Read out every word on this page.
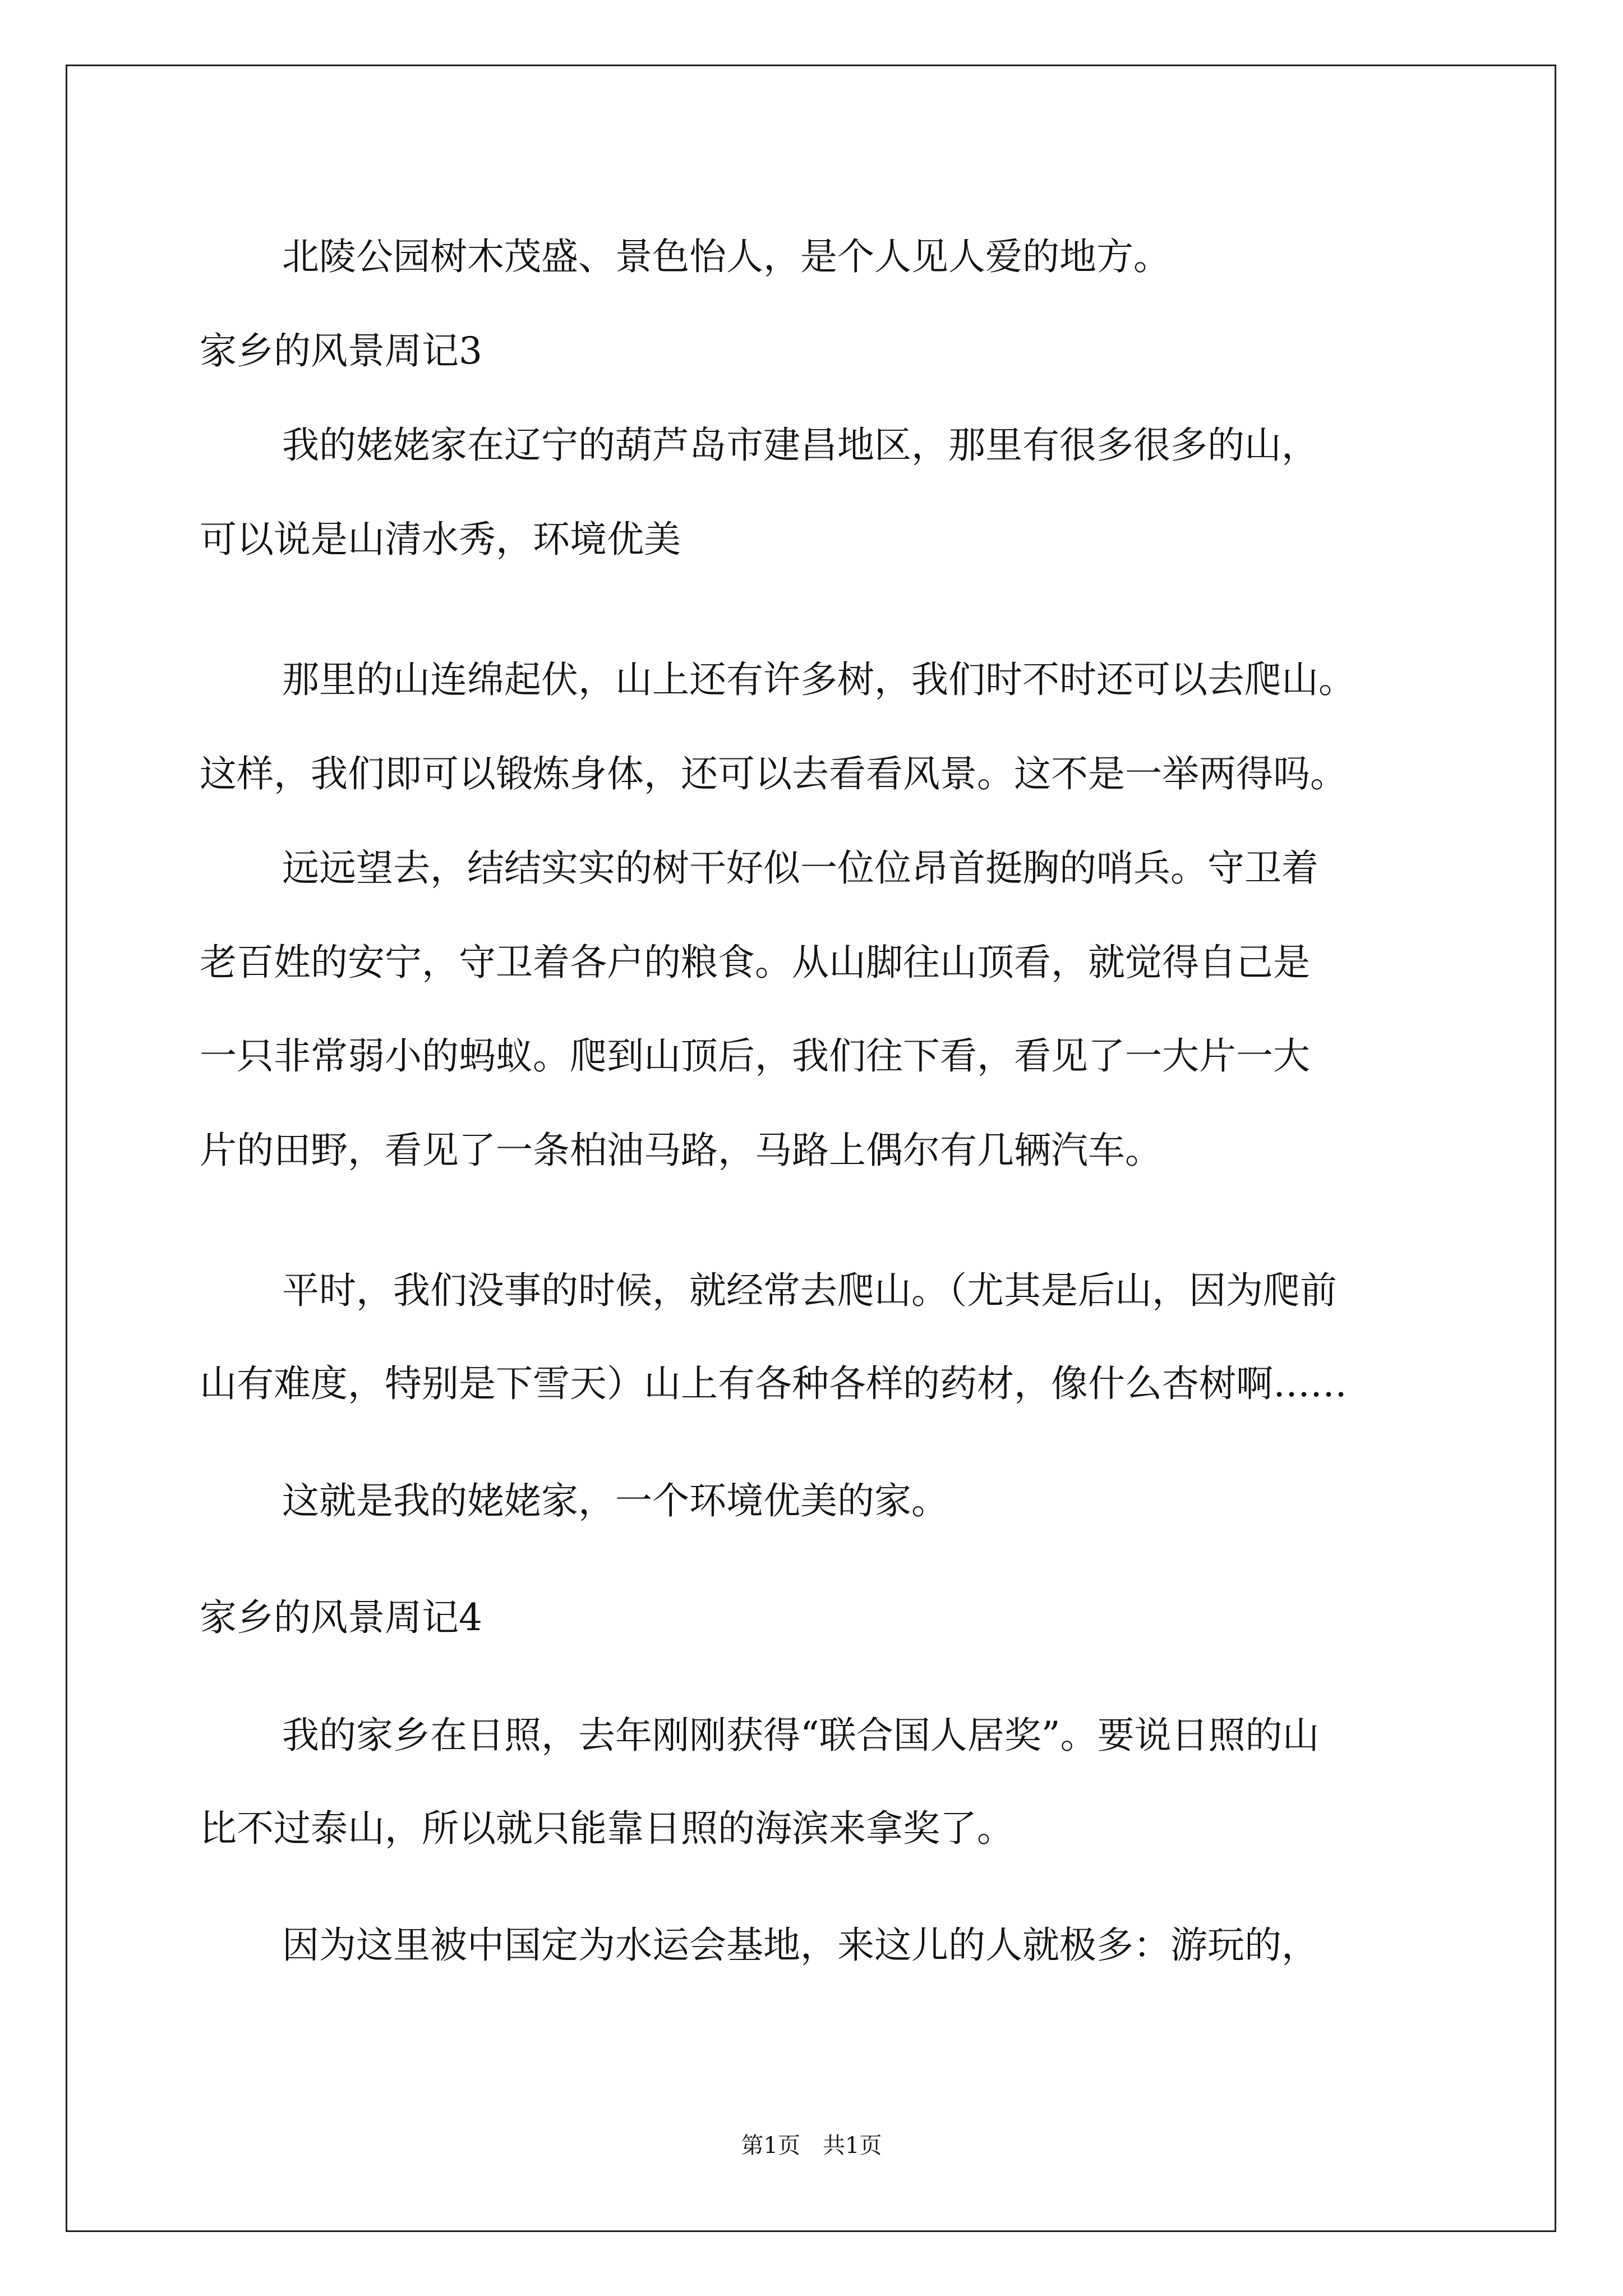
北陵公园树木茂盛、景色怡人，是个人见人爱的地方。
家乡的风景周记3
我的姥姥家在辽宁的葫芦岛市建昌地区，那里有很多很多的山，
可以说是山清水秀，环境优美
那里的山连绵起伏，山上还有许多树，我们时不时还可以去爬山。
这样，我们即可以锻炼身体，还可以去看看风景。这不是一举两得吗。
远远望去，结结实实的树干好似一位位昂首挺胸的哨兵。守卫着
老百姓的安宁，守卫着各户的粮食。从山脚往山顶看，就觉得自己是
一只非常弱小的蚂蚁。爬到山顶后，我们往下看，看见了一大片一大
片的田野，看见了一条柏油马路，马路上偶尔有几辆汽车。
平时，我们没事的时候，就经常去爬山。（尤其是后山，因为爬前
山有难度，特别是下雪天）山上有各种各样的药材，像什么杏树啊……
这就是我的姥姥家，一个环境优美的家。
家乡的风景周记4
我的家乡在日照，去年刚刚获得“联合国人居奖”。要说日照的山
比不过泰山，所以就只能靠日照的海滨来拿奖了。
因为这里被中国定为水运会基地，来这儿的人就极多：游玩的，
第1页　共1页
